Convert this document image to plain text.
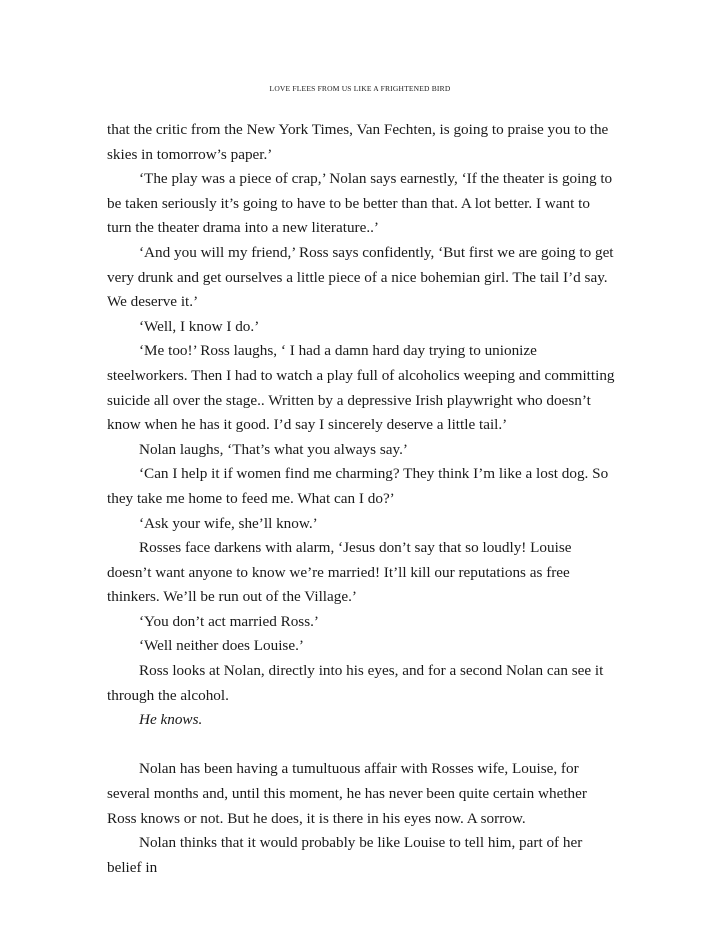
LOVE FLEES FROM US LIKE A FRIGHTENED BIRD

that the critic from the New York Times, Van Fechten, is going to praise you to the skies in tomorrow’s paper.’

‘The play was a piece of crap,’ Nolan says earnestly, ‘If the theater is going to be taken seriously it’s going to have to be better than that. A lot better. I want to turn the theater drama into a new literature..’

‘And you will my friend,’ Ross says confidently, ‘But first we are going to get very drunk and get ourselves a little piece of a nice bohemian girl. The tail I’d say. We deserve it.’

‘Well, I know I do.’

‘Me too!’ Ross laughs, ‘ I had a damn hard day trying to unionize steelworkers. Then I had to watch a play full of alcoholics weeping and committing suicide all over the stage.. Written by a depressive Irish playwright who doesn’t know when he has it good. I’d say I sincerely deserve a little tail.’

Nolan laughs, ‘That’s what you always say.’

‘Can I help it if women find me charming? They think I’m like a lost dog. So they take me home to feed me. What can I do?’

‘Ask your wife, she’ll know.’

Rosses face darkens with alarm, ‘Jesus don’t say that so loudly! Louise doesn’t want anyone to know we’re married! It’ll kill our reputations as free thinkers. We’ll be run out of the Village.’

‘You don’t act married Ross.’

‘Well neither does Louise.’

Ross looks at Nolan, directly into his eyes, and for a second Nolan can see it through the alcohol.

He knows.

Nolan has been having a tumultuous affair with Rosses wife, Louise, for several months and, until this moment, he has never been quite certain whether Ross knows or not. But he does, it is there in his eyes now. A sorrow.

Nolan thinks that it would probably be like Louise to tell him, part of her belief in
